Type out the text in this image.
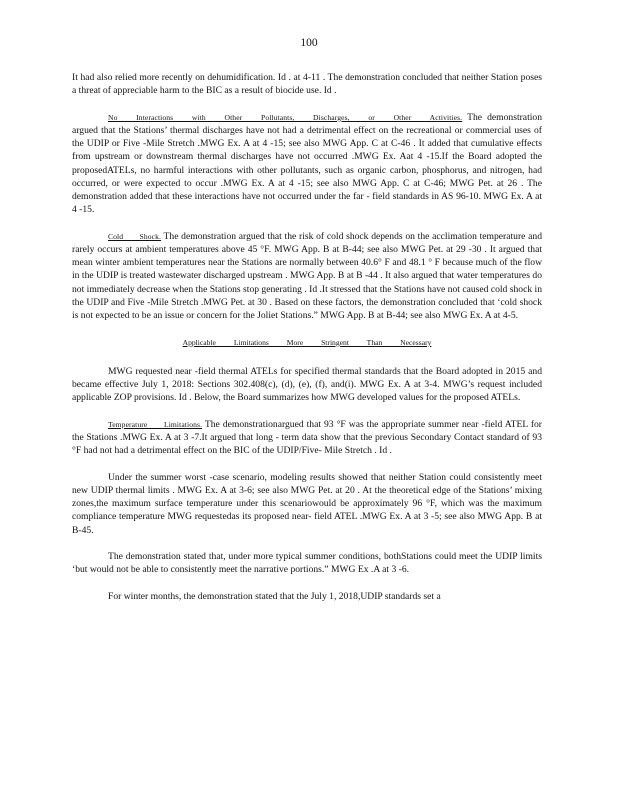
100

It had also relied more recently on dehumidification. Id . at 4-11 . The demonstration concluded that neither Station poses a threat of appreciable harm to the BIC as a result of biocide use. Id .

No Interactions with Other Pollutants, Discharges, or Other Activities. The demonstration argued that the Stations’ thermal discharges have not had a detrimental effect on the recreational or commercial uses of the UDIP or Five -Mile Stretch .MWG Ex. A at 4 -15; see also MWG App. C at C-46 . It added that cumulative effects from upstream or downstream thermal discharges have not occurred .MWG Ex. Aat 4 -15.If the Board adopted the proposedATELs, no harmful interactions with other pollutants, such as organic carbon, phosphorus, and nitrogen, had occurred, or were expected to occur .MWG Ex. A at 4 -15; see also MWG App. C at C-46; MWG Pet. at 26 . The demonstration added that these interactions have not occurred under the far - field standards in AS 96-10. MWG Ex. A at 4 -15.

Cold Shock. The demonstration argued that the risk of cold shock depends on the acclimation temperature and rarely occurs at ambient temperatures above 45 °F. MWG App. B at B-44; see also MWG Pet. at 29 -30 . It argued that mean winter ambient temperatures near the Stations are normally between 40.6° F and 48.1 ° F because much of the flow in the UDIP is treated wastewater discharged upstream . MWG App. B at B -44 . It also argued that water temperatures do not immediately decrease when the Stations stop generating . Id .It stressed that the Stations have not caused cold shock in the UDIP and Five -Mile Stretch .MWG Pet. at 30 . Based on these factors, the demonstration concluded that ‘cold shock is not expected to be an issue or concern for the Joliet Stations.” MWG App. B at B-44; see also MWG Ex. A at 4-5.

Applicable Limitations More Stringent Than Necessary

MWG requested near -field thermal ATELs for specified thermal standards that the Board adopted in 2015 and became effective July 1, 2018: Sections 302.408(c), (d), (e), (f), and(i). MWG Ex. A at 3-4. MWG’s request included applicable ZOP provisions. Id . Below, the Board summarizes how MWG developed values for the proposed ATELs.

Temperature Limitations. The demonstrationargued that 93 °F was the appropriate summer near -field ATEL for the Stations .MWG Ex. A at 3 -7.It argued that long - term data show that the previous Secondary Contact standard of 93 °F had not had a detrimental effect on the BIC of the UDIP/Five- Mile Stretch . Id .

Under the summer worst -case scenario, modeling results showed that neither Station could consistently meet new UDIP thermal limits . MWG Ex. A at 3-6; see also MWG Pet. at 20 . At the theoretical edge of the Stations’ mixing zones,the maximum surface temperature under this scenariowould be approximately 96 °F, which was the maximum compliance temperature MWG requestedas its proposed near- field ATEL .MWG Ex. A at 3 -5; see also MWG App. B at B-45.

The demonstration stated that, under more typical summer conditions, bothStations could meet the UDIP limits ‘but would not be able to consistently meet the narrative portions.” MWG Ex .A at 3 -6.

For winter months, the demonstration stated that the July 1, 2018,UDIP standards set a
